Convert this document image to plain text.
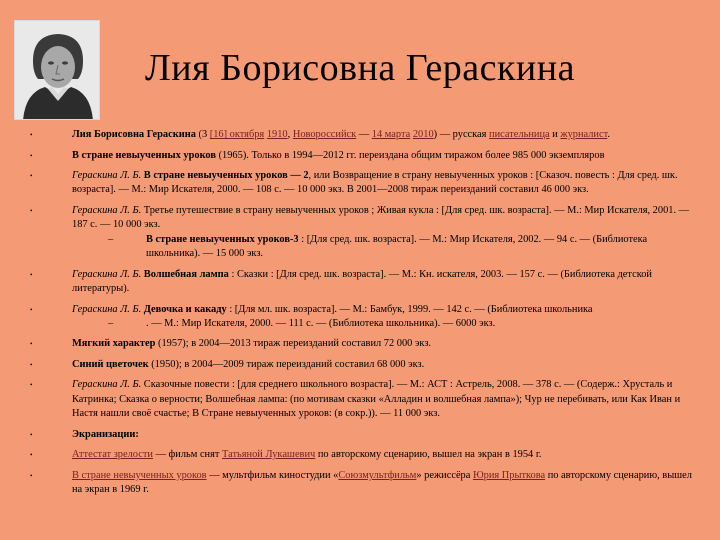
Лия Борисовна Гераскина
•	Лия Борисовна Гераскина (3 [16] октября 1910, Новороссийск — 14 марта 2010) — русская писательница и журналист.
•	В стране невыученных уроков (1965). Только в 1994—2012 гг. переиздана общим тиражом более 985 000 экземпляров
•	Гераскина Л. Б. В стране невыученных уроков — 2, или Возвращение в страну невыученных уроков : [Сказоч. повесть : Для сред. шк. возраста]. — М.: Мир Искателя, 2000. — 108 с. — 10 000 экз. В 2001—2008 тираж переизданий составил 46 000 экз.
•	Гераскина Л. Б. Третье путешествие в страну невыученных уроков ; Живая кукла : [Для сред. шк. возраста]. — М.: Мир Искателя, 2001. — 187 с. — 10 000 экз.
–	В стране невыученных уроков-3 : [Для сред. шк. возраста]. — М.: Мир Искателя, 2002. — 94 с. — (Библиотека школьника). — 15 000 экз.
•	Гераскина Л. Б. Волшебная лампа : Сказки : [Для сред. шк. возраста]. — М.: Кн. искателя, 2003. — 157 с. — (Библиотека детской литературы).
•	Гераскина Л. Б. Девочка и какаду : [Для мл. шк. возраста]. — М.: Бамбук, 1999. — 142 с. — (Библиотека школьника
–	. — М.: Мир Искателя, 2000. — 111 с. — (Библиотека школьника). — 6000 экз.
•	Мягкий характер (1957); в 2004—2013 тираж переизданий составил 72 000 экз.
•	Синий цветочек (1950); в 2004—2009 тираж переизданий составил 68 000 экз.
•	Гераскина Л. Б. Сказочные повести : [для среднего школьного возраста]. — М.: АСТ : Астрель, 2008. — 378 с. — (Содерж.: Хрусталь и Катринка; Сказка о верности; Волшебная лампа: (по мотивам сказки «Алладин и волшебная лампа»); Чур не перебивать, или Как Иван и Настя нашли своё счастье; В Стране невыученных уроков: (в сокр.)). — 11 000 экз.
•	Экранизации:
•	Аттестат зрелости — фильм снят Татьяной Лукашевич по авторскому сценарию, вышел на экран в 1954 г.
•	В стране невыученных уроков — мультфильм киностудии «Союзмультфильм» режиссёра Юрия Прыткова по авторскому сценарию, вышел на экран в 1969 г.
